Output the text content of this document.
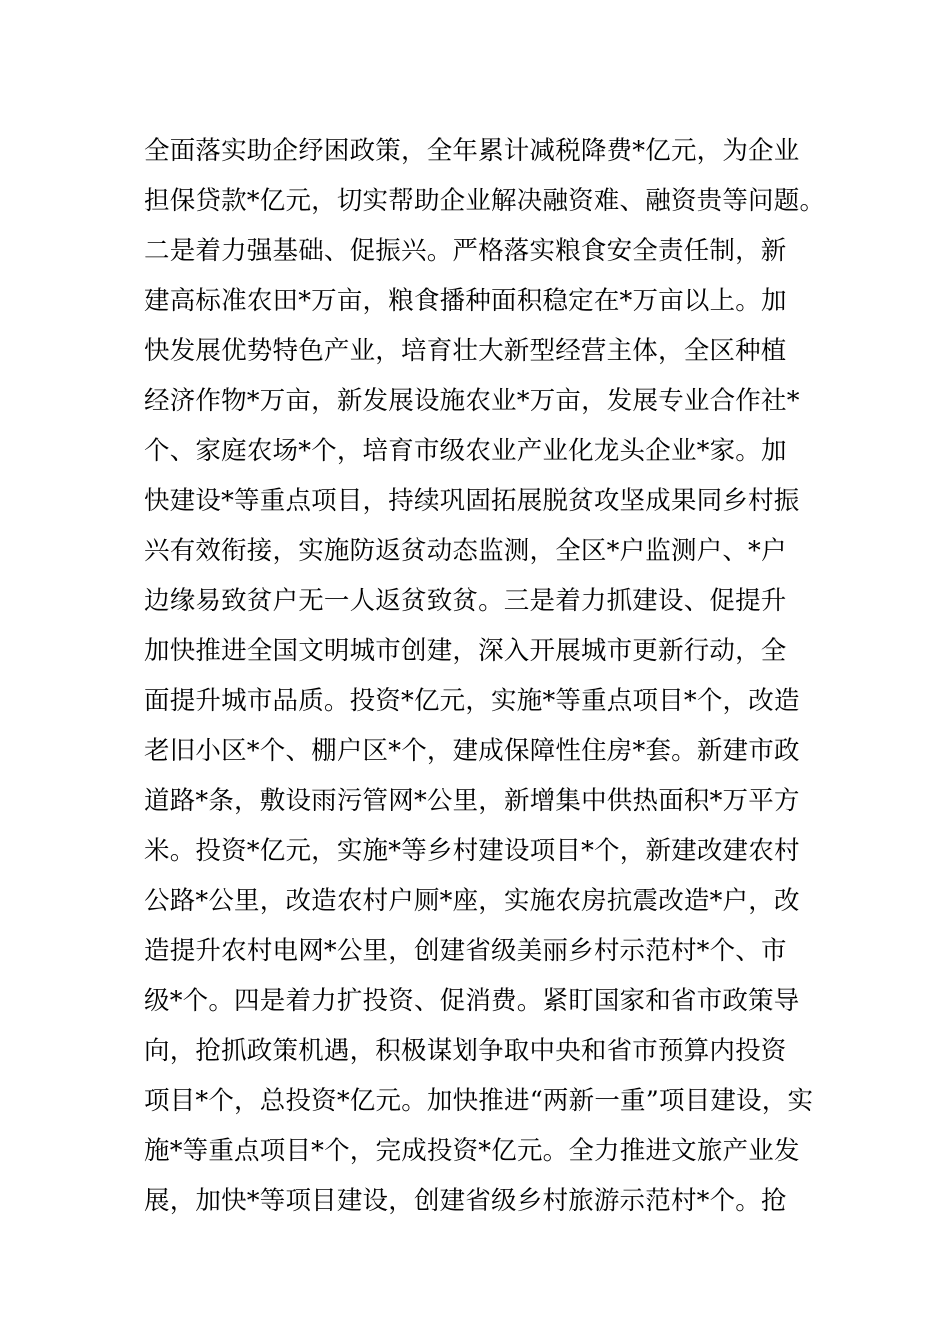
全面落实助企纾困政策，全年累计减税降费*亿元，为企业
担保贷款*亿元，切实帮助企业解决融资难、融资贵等问题。
二是着力强基础、促振兴。严格落实粮食安全责任制，新
建高标准农田*万亩，粮食播种面积稳定在*万亩以上。加
快发展优势特色产业，培育壮大新型经营主体，全区种植
经济作物*万亩，新发展设施农业*万亩，发展专业合作社*
个、家庭农场*个，培育市级农业产业化龙头企业*家。加
快建设*等重点项目，持续巩固拓展脱贫攻坚成果同乡村振
兴有效衔接，实施防返贫动态监测，全区*户监测户、*户
边缘易致贫户无一人返贫致贫。三是着力抓建设、促提升
加快推进全国文明城市创建，深入开展城市更新行动，全
面提升城市品质。投资*亿元，实施*等重点项目*个，改造
老旧小区*个、棚户区*个，建成保障性住房*套。新建市政
道路*条，敷设雨污管网*公里，新增集中供热面积*万平方
米。投资*亿元，实施*等乡村建设项目*个，新建改建农村
公路*公里，改造农村户厕*座，实施农房抗震改造*户，改
造提升农村电网*公里，创建省级美丽乡村示范村*个、市
级*个。四是着力扩投资、促消费。紧盯国家和省市政策导
向，抢抓政策机遇，积极谋划争取中央和省市预算内投资
项目*个，总投资*亿元。加快推进“两新一重”项目建设，实
施*等重点项目*个，完成投资*亿元。全力推进文旅产业发
展，加快*等项目建设，创建省级乡村旅游示范村*个。抢
